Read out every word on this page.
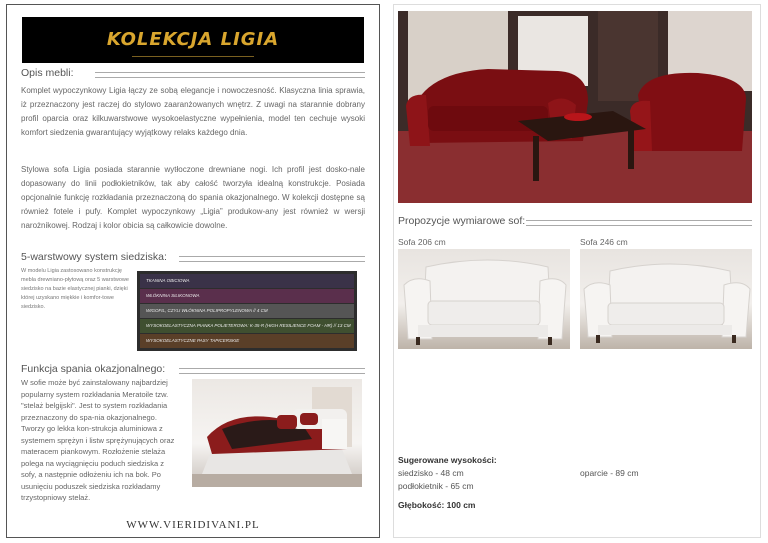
KOLEKCJA LIGIA
Opis mebli:
Komplet wypoczynkowy Ligia łączy ze sobą elegancje i nowoczesność. Klasyczna linia sprawia, iż przeznaczony jest raczej do stylowo zaaranżowanych wnętrz. Z uwagi na starannie dobrany profil oparcia oraz kilkuwarstwowe wysokoelastyczne wypełnienia, model ten cechuje wysoki komfort siedzenia gwarantujący wyjątkowy relaks każdego dnia.
Stylowa sofa Ligia posiada starannie wytłoczone drewniane nogi. Ich profil jest dosko-nale dopasowany do linii podłokietników, tak aby całość tworzyła idealną konstrukcje. Posiada opcjonalnie funkcję rozkładania przeznaczoną do spania okazjonalnego. W kolekcji dostępne są również fotele i pufy. Komplet wypoczynkowy „Ligia” produkow-any jest również w wersji narożnikowej. Rodzaj i kolor obicia są całkowicie dowolne.
5-warstwowy system siedziska:
W modelu Ligia zastosowano konstrukcję mebla drewniano-płytową oraz 5 warstwowe siedzisko na bazie elastycznej pianki, dzięki której uzyskano miękkie i komfor-towe siedzisko.
TKANINA OBICIOWA
WŁÓKNINA SILIKONOWA
WIGOFIL, CZYLI WŁÓKNINA POLIPROPYLENOWA // 4 CM
WYSOKOELASTYCZNA PIANKA POLIETEROWA: K-35-R (HIGH RESILIENCE FOAM - HR) // 13 CM
WYSOKOELASTYCZNE PASY TAPICERSKIE
Funkcja spania okazjonalnego:
W sofie może być zainstalowany najbardziej popularny system rozkładania Meratoile tzw. "stelaż belgijski". Jest to system rozkładania przeznaczony do spa-nia okazjonalnego. Tworzy go lekka kon-strukcja aluminiowa z systemem sprężyn i listw sprężynujących oraz materacem piankowym. Rozłożenie stelaża polega na wyciągnięciu poduch siedziska z sofy, a następnie odłożeniu ich na bok. Po usunięciu poduszek siedziska rozkładamy trzystopniowy stelaż.
WWW.VIERIDIVANI.PL
Propozycje wymiarowe sof:
Sofa 206 cm	Sofa 246 cm
Sugerowane wysokości:
siedzisko - 48 cm	oparcie - 89 cm
podłokietnik - 65 cm
Głębokość: 100 cm
